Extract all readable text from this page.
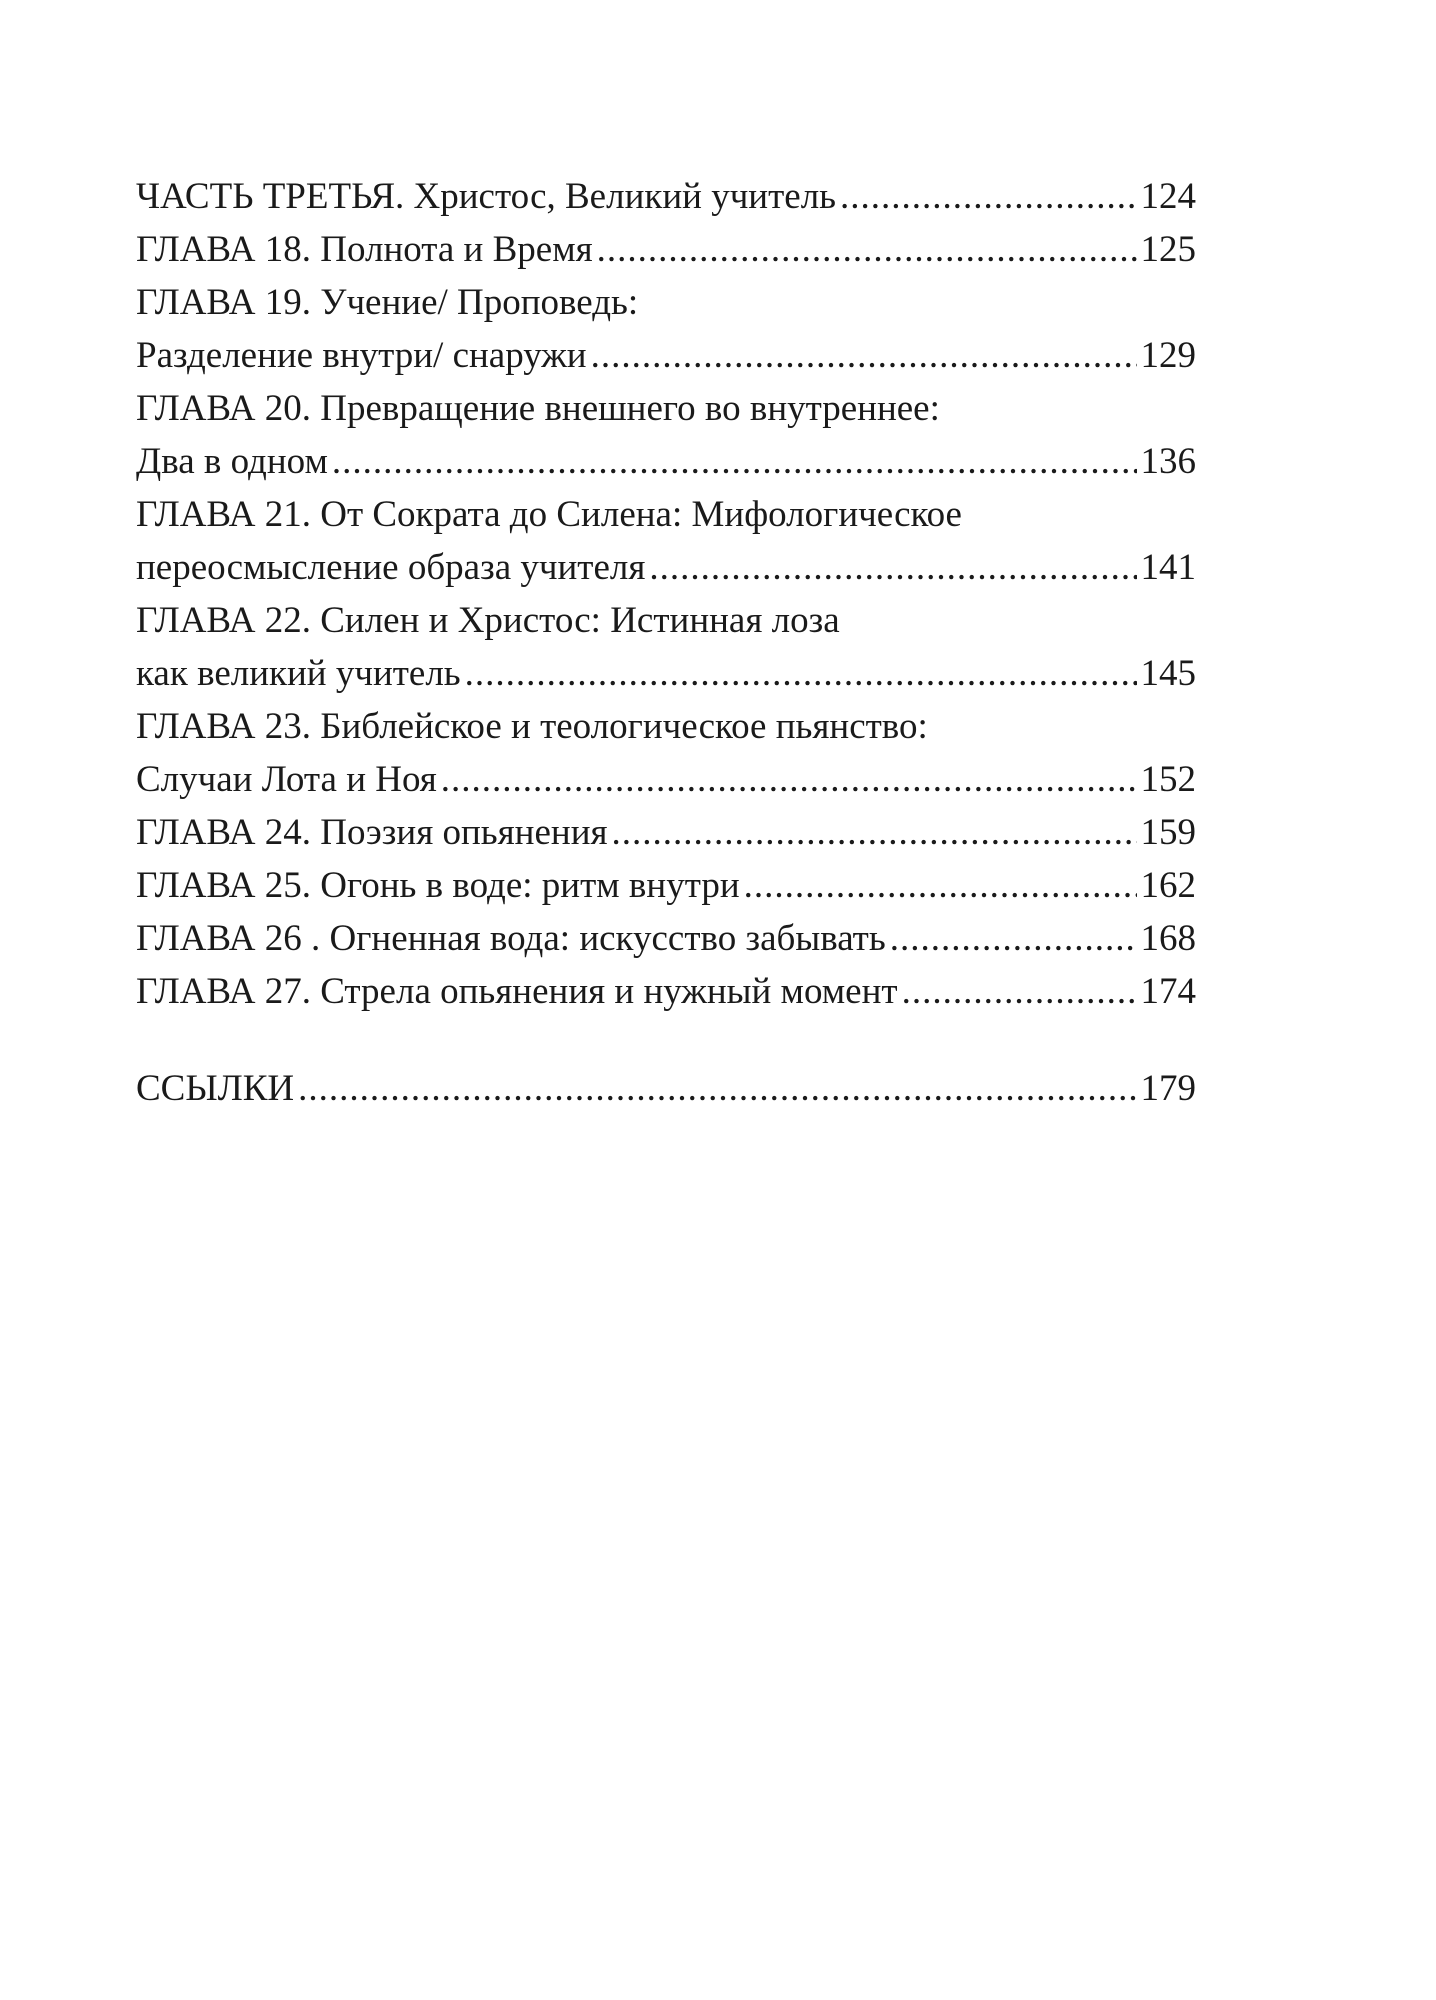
ЧАСТЬ ТРЕТЬЯ. Христос, Великий учитель .....	124
ГЛАВА 18. Полнота и Время .....	125
ГЛАВА 19. Учение/ Проповедь:
Разделение внутри/ снаружи .....	129
ГЛАВА 20. Превращение внешнего во внутреннее:
Два в одном .....	136
ГЛАВА 21. От Сократа до Силена: Мифологическое
переосмысление образа учителя .....	141
ГЛАВА 22. Силен и Христос: Истинная лоза
как великий учитель .....	145
ГЛАВА 23. Библейское и теологическое пьянство:
Случаи Лота и Ноя .....	152
ГЛАВА 24. Поэзия опьянения .....	159
ГЛАВА 25. Огонь в воде: ритм внутри .....	162
ГЛАВА 26 . Огненная вода: искусство забывать .....	168
ГЛАВА 27. Стрела опьянения и нужный момент .....	174
ССЫЛКИ .....	179
